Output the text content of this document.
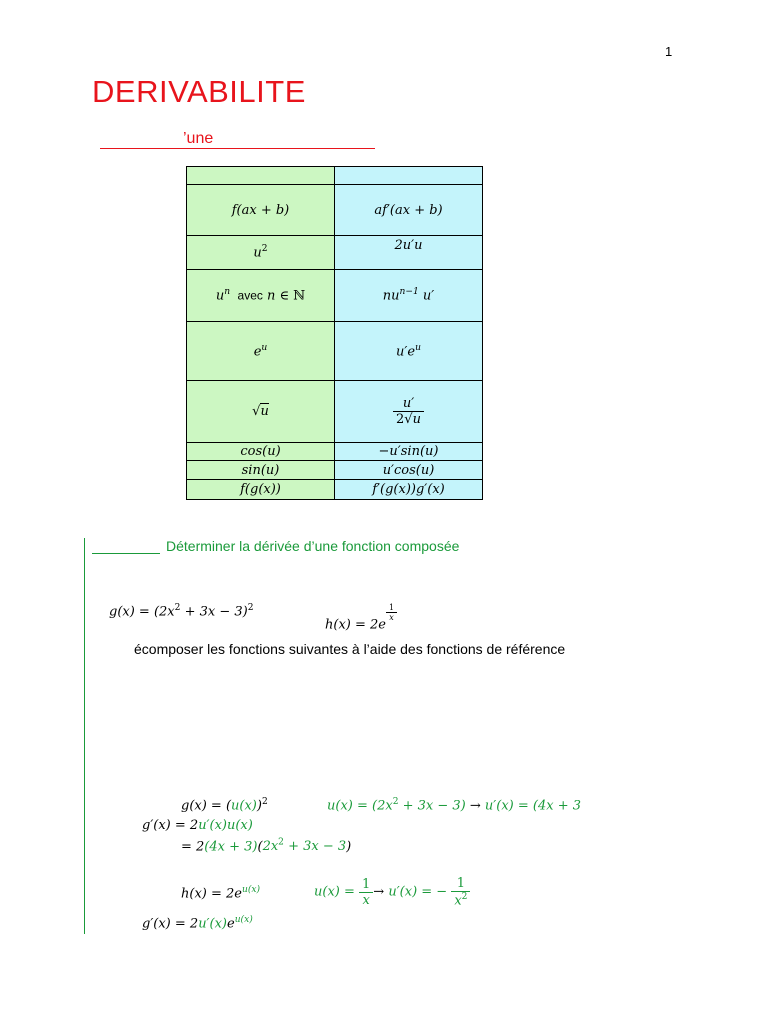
1
DERIVABILITE
’une

f(ax + b)	af′(ax + b)
$u^2$	2u′u
$u^n$  avec n ∈ ℕ	$nu^{n-1}$ u′
$e^u$	$u'e^u$
√u	$\frac{u'}{2√u}$

cos(u)	−u′sin(u)
sin(u)	u′cos(u)
f(g(x))	f′(g(x))g′(x)
Déterminer la dérivée d’une fonction composée
$g(x) = (2x^2 + 3x - 3)^2$
h(x) = 2e
$^{\frac{1}{x}}$
écomposer les fonctions suivantes à l’aide des fonctions de référence
$g(x) = (u(x))^2$	$u(x) = (2x^2 + 3x - 3) \to u'(x) = (4x + 3$
g′(x) = 2u′(x)u(x)
= $2(4x + 3)(2x^2 + 3x - 3)$
$h(x) = 2e^{u(x)}$	$u(x) = \frac{1}{x} \to u'(x)$ = − $\frac{1}{x^2}$
$g'(x) = 2u'(x)e^{u(x)}$
